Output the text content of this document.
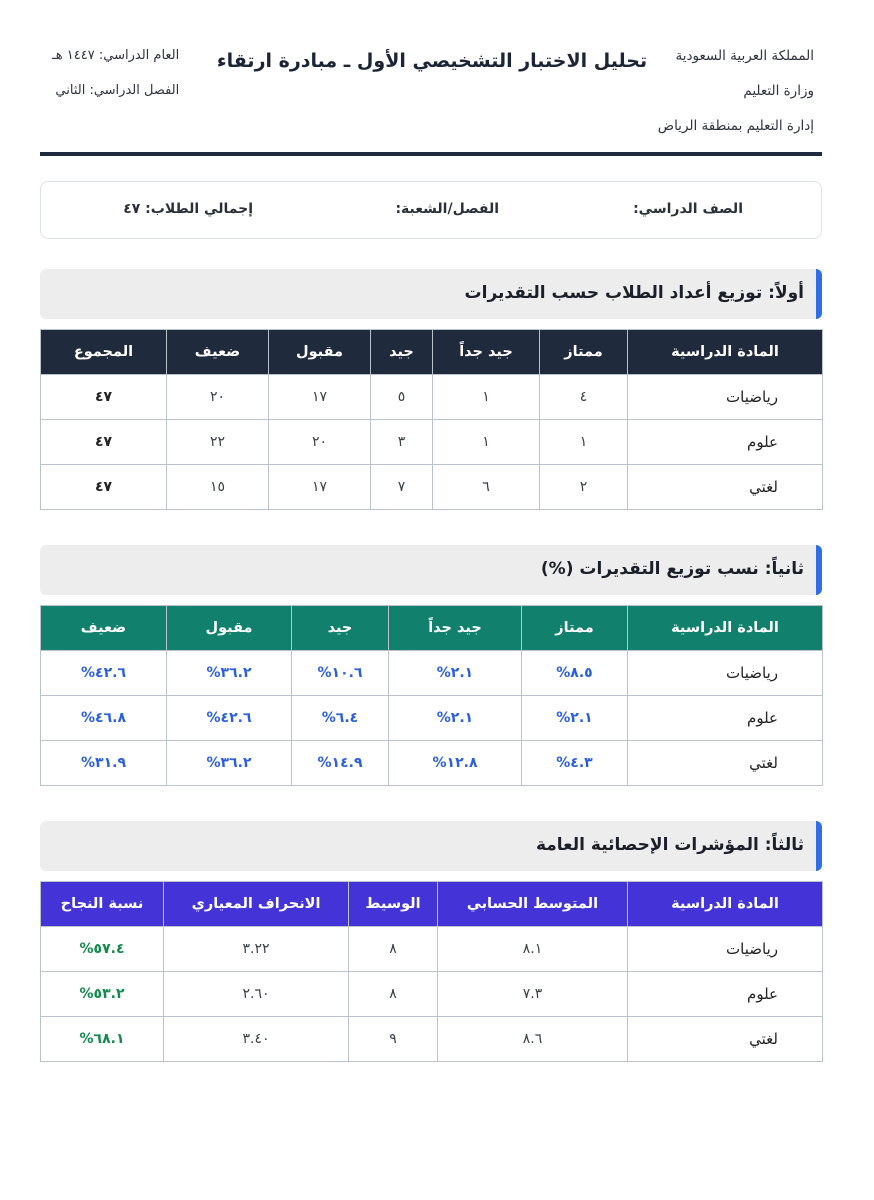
المملكة العربية السعودية
وزارة التعليم
إدارة التعليم بمنطقة الرياض
تحليل الاختبار التشخيصي الأول ـ مبادرة ارتقاء
العام الدراسي: ١٤٤٧ هـ
الفصل الدراسي: الثاني
الصف الدراسي:
الفصل/الشعبة:
إجمالي الطلاب: ٤٧
أولاً: توزيع أعداد الطلاب حسب التقديرات
المادة الدراسية	ممتاز	جيد جداً	جيد	مقبول	ضعيف	المجموع
رياضيات	٤	١	٥	١٧	٢٠	٤٧
علوم	١	١	٣	٢٠	٢٢	٤٧
لغتي	٢	٦	٧	١٧	١٥	٤٧
ثانياً: نسب توزيع التقديرات (%)
المادة الدراسية	ممتاز	جيد جداً	جيد	مقبول	ضعيف
رياضيات	٨.٥%	٢.١%	١٠.٦%	٣٦.٢%	٤٢.٦%
علوم	٢.١%	٢.١%	٦.٤%	٤٢.٦%	٤٦.٨%
لغتي	٤.٣%	١٢.٨%	١٤.٩%	٣٦.٢%	٣١.٩%
ثالثاً: المؤشرات الإحصائية العامة
المادة الدراسية	المتوسط الحسابي	الوسيط	الانحراف المعياري	نسبة النجاح
رياضيات	٨.١	٨	٣.٢٢	٥٧.٤%
علوم	٧.٣	٨	٢.٦٠	٥٣.٢%
لغتي	٨.٦	٩	٣.٤٠	٦٨.١%
